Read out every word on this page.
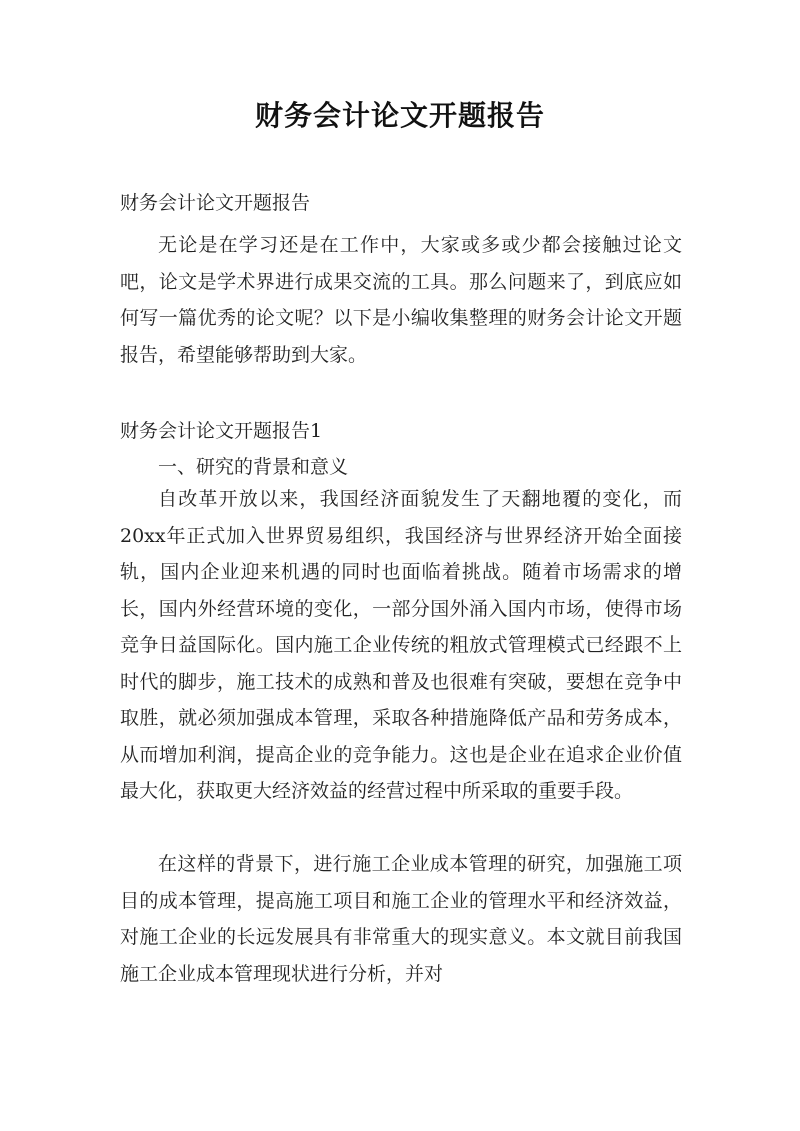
财务会计论文开题报告
财务会计论文开题报告
无论是在学习还是在工作中，大家或多或少都会接触过论文吧，论文是学术界进行成果交流的工具。那么问题来了，到底应如何写一篇优秀的论文呢？以下是小编收集整理的财务会计论文开题报告，希望能够帮助到大家。
财务会计论文开题报告1
一、研究的背景和意义
自改革开放以来，我国经济面貌发生了天翻地覆的变化，而20xx年正式加入世界贸易组织，我国经济与世界经济开始全面接轨，国内企业迎来机遇的同时也面临着挑战。随着市场需求的增长，国内外经营环境的变化，一部分国外涌入国内市场，使得市场竞争日益国际化。国内施工企业传统的粗放式管理模式已经跟不上时代的脚步，施工技术的成熟和普及也很难有突破，要想在竞争中取胜，就必须加强成本管理，采取各种措施降低产品和劳务成本，从而增加利润，提高企业的竞争能力。这也是企业在追求企业价值最大化，获取更大经济效益的经营过程中所采取的重要手段。
在这样的背景下，进行施工企业成本管理的研究，加强施工项目的成本管理，提高施工项目和施工企业的管理水平和经济效益，对施工企业的长远发展具有非常重大的现实意义。本文就目前我国施工企业成本管理现状进行分析，并对
